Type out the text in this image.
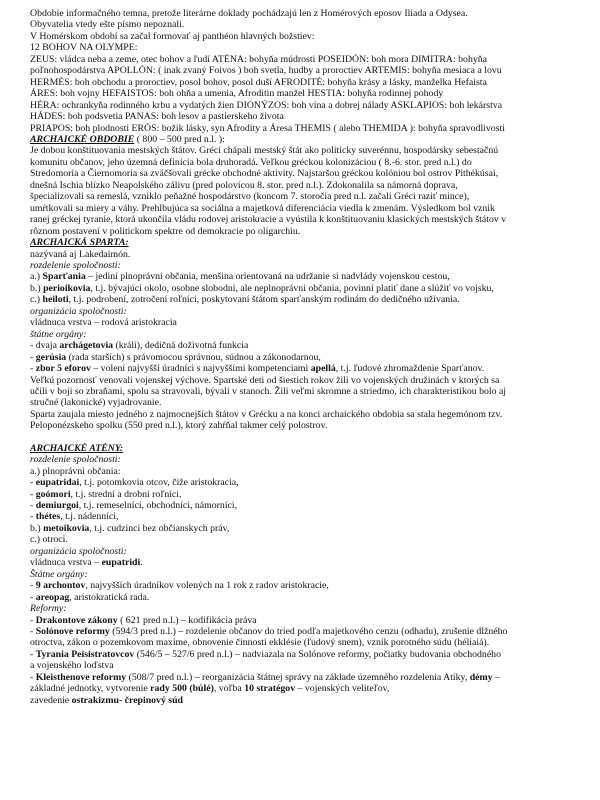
Obdobie informačného temna, pretože literárne doklady pochádzajú len z Homérových eposov Iliada a Odysea.
Obyvatelia vtedy ešte písmo nepoznali.
V Homérskom období sa začal formovať aj panthéon hlavných božstiev:
12 BOHOV NA OLYMPE:
ZEUS: vládca neba a zeme, otec bohov a ľudí ATÉNA: bohyňa múdrosti POSEIDÓN: boh mora DIMITRA: bohyňa
poľnohospodárstva APOLLÓN: ( inak zvaný Foivos ) boh svetla, hudby a proroctiev ARTEMIS: bohyňa mesiaca a lovu
HERMÉS: boh obchodu a proroctiev, posol bohov, posol duší AFRODITÉ: bohyňa krásy a lásky, manželka Hefaista
ÁRES: boh vojny HEFAISTOS: boh ohňa a umenia, Afroditin manžel HESTIA: bohyňa rodinnej pohody
HÉRA: ochrankyňa rodinného krbu a vydatých žien DIONÝZOS: boh vína a dobrej nálady ASKLAPIOS: boh lekárstva
HÁDES: boh podsvetia PANAS: boh lesov a pastierskeho života
PRIAPOS: boh plodnosti ERÓS: božik lásky, syn Afrodity a Áresa THEMIS ( alebo THEMIDA ): bohyňa spravodlivosti
ARCHAICKÉ OBDOBIE ( 800 – 500 pred n.l. ):
Je dobou konštituovania mestských štátov. Gréci chápali mestský štát ako politicky suverénnu, hospodársky sebestačnú
komunitu občanov, jeho územná definícia bola druhoradá. Veľkou gréckou kolonizáciou ( 8.-6. stor. pred n.l.) do
Stredomoria a Čiernomoria sa zväčšovali grécke obchodné aktivity. Najstaršou gréckou kolóniou bol ostrov Pithékúsai,
dnešná Ischia blízko Neapolského zálivu (pred polovicou 8. stor. pred n.l.). Zdokonalila sa námorná doprava,
špecializovali sa remeslá, vzniklo peňažné hospodárstvo (koncom 7. storočia pred n.l. začali Gréci raziť mince),
umŕtkovali sa miery a váhy. Prehlbujúca sa sociálna a majetková diferenciácia viedla k zmenám. Výsledkom bol vznik
ranej gréckej tyranie, ktorá ukončila vládu rodovej aristokracie a vyústila k konštituovaniu klasických mestských štátov v
rôznom postavení v politickom spektre od demokracie po oligarchiu.
ARCHAICKÁ SPARTA:
nazývaná aj Lakedaimón.
rozdelenie spoločnosti:
a.) Sparťania – jediní plnoprávni občania, menšina orientovaná na udržanie si nadvlády vojenskou cestou,
b.) perioikovia, t.j. bývajúci okolo, osobne slobodní, ale neplnoprávni občania, povinní platiť dane a slúžiť vo vojsku,
c.) heiloti, t.j. podrobení, zotročení roľníci, poskytovaní štátom sparťanským rodinám do dedičného užívania.
organizácia spoločnosti:
vládnuca vrstva – rodová aristokracia
štátne orgány:
- dvaja archágetovia (králi), dedičná doživotná funkcia
- gerúsia (rada starších) s právomocou správnou, súdnou a zákonodarnou,
- zbor 5 eforov – volení najvyšší úradníci s najvyššími kompetenciami apellá, t.j. ľudové zhromaždenie Sparťanov.
Veľkú pozornosť venovali vojenskej výchove. Spartské deti od šiestich rokov žili vo vojenských družinách v ktorých sa
učili v boji so zbraňami, spolu sa stravovali, bývali v stanoch. Žili veľmi skromne a striedmo, ich charakteristikou bolo aj
stručné (lakonické) vyjadrovanie.
Sparta zaujala miesto jedného z najmocnejších štátov v Grécku a na konci archaického obdobia sa stala hegemónom tzv.
Peloponézskeho spolku (550 pred n.l.), ktorý zahŕňal takmer celý polostrov.
ARCHAICKÉ ATÉNY:
rozdelenie spoločnosti:
a.) plnoprávni občania:
- eupatridai, t.j. potomkovia otcov, čiže aristokracia,
- goómori, t.j. strední a drobní roľníci,
- demiurgoi, t.j. remeselníci, obchodníci, námorníci,
- thétes, t.j. nádenníci,
b.) metoikovia, t.j. cudzinci bez občianskych práv,
c.) otroci.
organizácia spoločnosti:
vládnuca vrstva – eupatridi.
Štátne orgány:
- 9 archontov, najvyšších úradníkov volených na 1 rok z radov aristokracie,
- areopag, aristokratická rada.
Reformy:
- Drakontove zákony ( 621 pred n.l.) – kodifikácia práva
- Solónove reformy (594/3 pred n.l.) – rozdelenie občanov do tried podľa majetkového cenzu (odhadu), zrušenie dlžného
otroctva, zákon o pozemkovom maxime, obnovenie činnosti ekklésie (ľudový snem), vznik porotného súdu (héliaiá).
- Tyrania Peisistratovcov (546/5 – 527/6 pred n.l.) – nadviazala na Solónove reformy, počiatky budovania obchodného
a vojenského loďstva
- Kleisthenove reformy (508/7 pred n.l.) – reorganizácia štátnej správy na základe územného rozdelenia Atiky, démy –
základné jednotky, vytvorenie rady 500 (búlé), voľba 10 stratégov – vojenských veliteľov,
zavedenie ostrakizmu- črepinový súd
